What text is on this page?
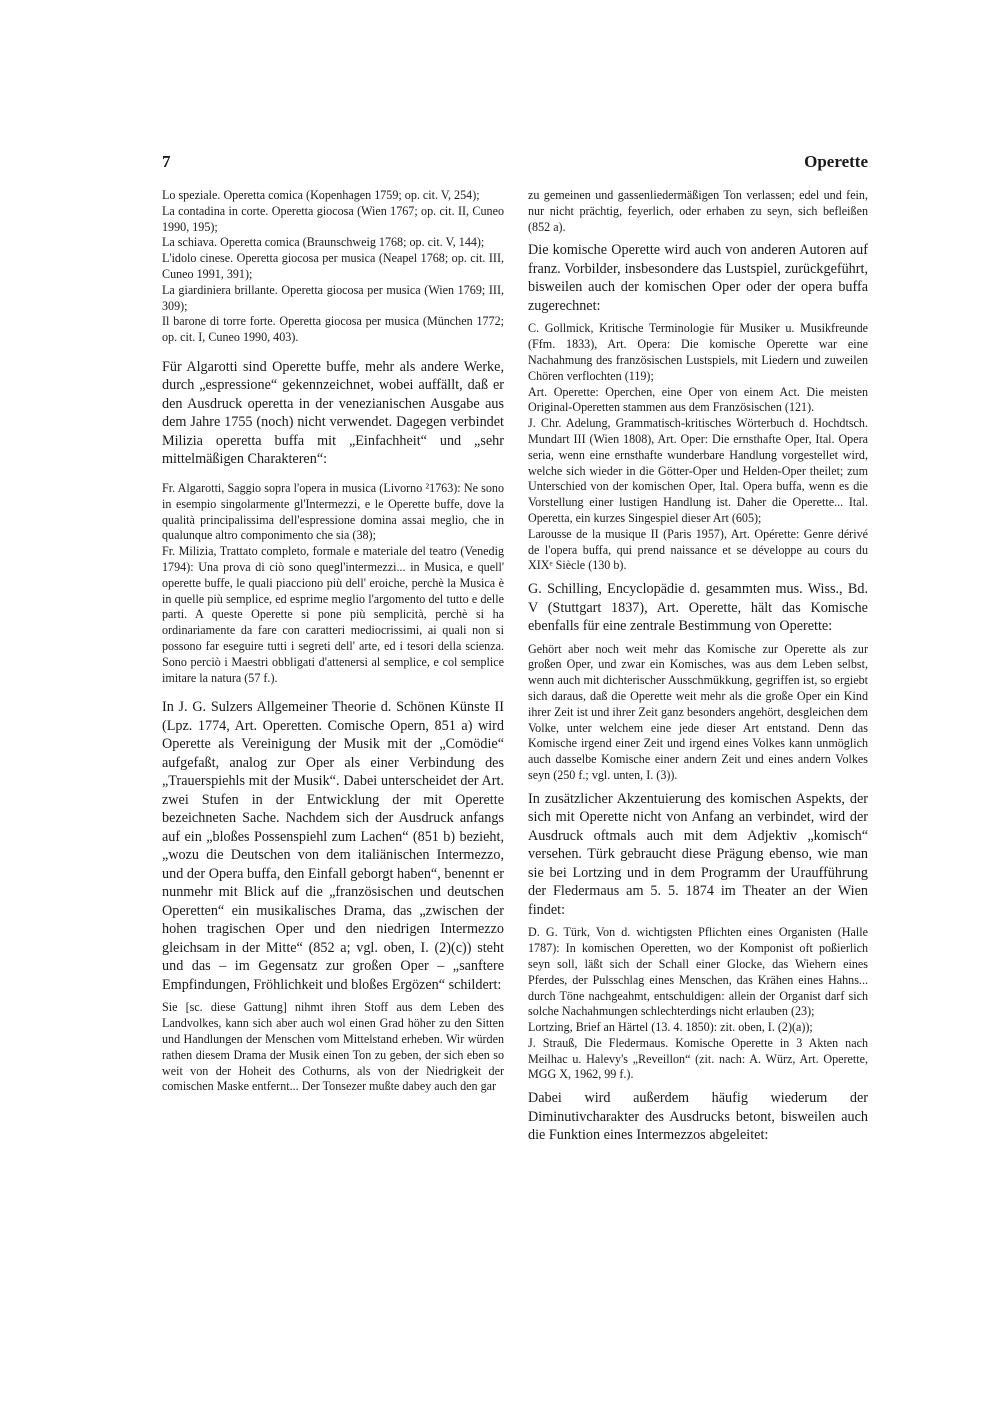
7	Operette

Lo speziale. Operetta comica (Kopenhagen 1759; op. cit. V, 254);

La contadina in corte. Operetta giocosa (Wien 1767; op. cit. II, Cuneo 1990, 195);

La schiava. Operetta comica (Braunschweig 1768; op. cit. V, 144);

L'idolo cinese. Operetta giocosa per musica (Neapel 1768; op. cit. III, Cuneo 1991, 391);

La giardiniera brillante. Operetta giocosa per musica (Wien 1769; III, 309);

Il barone di torre forte. Operetta giocosa per musica (München 1772; op. cit. I, Cuneo 1990, 403).

Für Algarotti sind Operette buffe, mehr als andere Werke, durch „espressione“ gekennzeichnet, wobei auffällt, daß er den Ausdruck operetta in der venezianischen Ausgabe aus dem Jahre 1755 (noch) nicht verwendet. Dagegen verbindet Milizia operetta buffa mit „Einfachheit“ und „sehr mittelmäßigen Charakteren“:

Fr. Algarotti, Saggio sopra l'opera in musica (Livorno ²1763): Ne sono in esempio singolarmente gl'Intermezzi, e le Operette buffe, dove la qualità principalissima dell'espressione domina assai meglio, che in qualunque altro componimento che sia (38);

Fr. Milizia, Trattato completo, formale e materiale del teatro (Venedig 1794): Una prova di ciò sono quegl'intermezzi... in Musica, e quell' operette buffe, le quali piacciono più dell' eroiche, perchè la Musica è in quelle più semplice, ed esprime meglio l'argomento del tutto e delle parti. A queste Operette si pone più semplicità, perchè si ha ordinariamente da fare con caratteri mediocrissimi, ai quali non si possono far eseguire tutti i segreti dell' arte, ed i tesori della scienza. Sono perciò i Maestri obbligati d'attenersi al semplice, e col semplice imitare la natura (57 f.).

In J. G. Sulzers Allgemeiner Theorie d. Schönen Künste II (Lpz. 1774, Art. Operetten. Comische Opern, 851 a) wird Operette als Vereinigung der Musik mit der „Comödie“ aufgefaßt, analog zur Oper als einer Verbindung des „Trauerspiehls mit der Musik“. Dabei unterscheidet der Art. zwei Stufen in der Entwicklung der mit Operette bezeichneten Sache. Nachdem sich der Ausdruck anfangs auf ein „bloßes Possenspiehl zum Lachen“ (851 b) bezieht, „wozu die Deutschen von dem italiänischen Intermezzo, und der Opera buffa, den Einfall geborgt haben“, benennt er nunmehr mit Blick auf die „französischen und deutschen Operetten“ ein musikalisches Drama, das „zwischen der hohen tragischen Oper und den niedrigen Intermezzo gleichsam in der Mitte“ (852 a; vgl. oben, I. (2)(c)) steht und das – im Gegensatz zur großen Oper – „sanftere Empfindungen, Fröhlichkeit und bloßes Ergözen“ schildert:

Sie [sc. diese Gattung] nihmt ihren Stoff aus dem Leben des Landvolkes, kann sich aber auch wol einen Grad höher zu den Sitten und Handlungen der Menschen vom Mittelstand erheben. Wir würden rathen diesem Drama der Musik einen Ton zu geben, der sich eben so weit von der Hoheit des Cothurns, als von der Niedrigkeit der comischen Maske entfernt... Der Tonsezer mußte dabey auch den gar

zu gemeinen und gassenliedermäßigen Ton verlassen; edel und fein, nur nicht prächtig, feyerlich, oder erhaben zu seyn, sich befleißen (852 a).

Die komische Operette wird auch von anderen Autoren auf franz. Vorbilder, insbesondere das Lustspiel, zurückgeführt, bisweilen auch der komischen Oper oder der opera buffa zugerechnet:

C. Gollmick, Kritische Terminologie für Musiker u. Musikfreunde (Ffm. 1833), Art. Opera: Die komische Operette war eine Nachahmung des französischen Lustspiels, mit Liedern und zuweilen Chören verflochten (119);

Art. Operette: Operchen, eine Oper von einem Act. Die meisten Original-Operetten stammen aus dem Französischen (121).

J. Chr. Adelung, Grammatisch-kritisches Wörterbuch d. Hochdtsch. Mundart III (Wien 1808), Art. Oper: Die ernsthafte Oper, Ital. Opera seria, wenn eine ernsthafte wunderbare Handlung vorgestellet wird, welche sich wieder in die Götter-Oper und Helden-Oper theilet; zum Unterschied von der komischen Oper, Ital. Opera buffa, wenn es die Vorstellung einer lustigen Handlung ist. Daher die Operette... Ital. Operetta, ein kurzes Singespiel dieser Art (605);

Larousse de la musique II (Paris 1957), Art. Opérette: Genre dérivé de l'opera buffa, qui prend naissance et se développe au cours du XIXᵉ Siècle (130 b).

G. Schilling, Encyclopädie d. gesammten mus. Wiss., Bd. V (Stuttgart 1837), Art. Operette, hält das Komische ebenfalls für eine zentrale Bestimmung von Operette:

Gehört aber noch weit mehr das Komische zur Operette als zur großen Oper, und zwar ein Komisches, was aus dem Leben selbst, wenn auch mit dichterischer Ausschmükkung, gegriffen ist, so ergiebt sich daraus, daß die Operette weit mehr als die große Oper ein Kind ihrer Zeit ist und ihrer Zeit ganz besonders angehört, desgleichen dem Volke, unter welchem eine jede dieser Art entstand. Denn das Komische irgend einer Zeit und irgend eines Volkes kann unmöglich auch dasselbe Komische einer andern Zeit und eines andern Volkes seyn (250 f.; vgl. unten, I. (3)).

In zusätzlicher Akzentuierung des komischen Aspekts, der sich mit Operette nicht von Anfang an verbindet, wird der Ausdruck oftmals auch mit dem Adjektiv „komisch“ versehen. Türk gebraucht diese Prägung ebenso, wie man sie bei Lortzing und in dem Programm der Uraufführung der Fledermaus am 5. 5. 1874 im Theater an der Wien findet:

D. G. Türk, Von d. wichtigsten Pflichten eines Organisten (Halle 1787): In komischen Operetten, wo der Komponist oft poßierlich seyn soll, läßt sich der Schall einer Glocke, das Wiehern eines Pferdes, der Pulsschlag eines Menschen, das Krähen eines Hahns... durch Töne nachgeahmt, entschuldigen: allein der Organist darf sich solche Nachahmungen schlechterdings nicht erlauben (23);

Lortzing, Brief an Härtel (13. 4. 1850): zit. oben, I. (2)(a));

J. Strauß, Die Fledermaus. Komische Operette in 3 Akten nach Meilhac u. Halevy's „Reveillon“ (zit. nach: A. Würz, Art. Operette, MGG X, 1962, 99 f.).

Dabei wird außerdem häufig wiederum der Diminutivcharakter des Ausdrucks betont, bisweilen auch die Funktion eines Intermezzos abgeleitet:
